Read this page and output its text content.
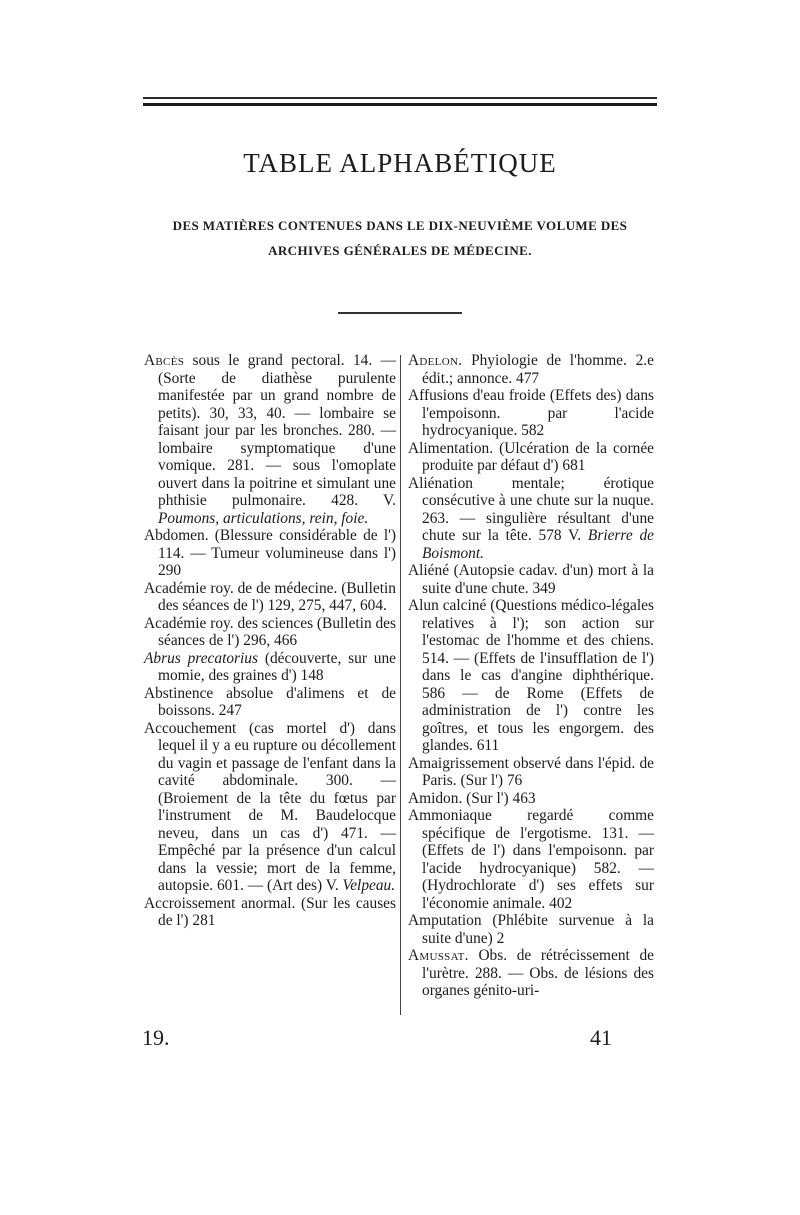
TABLE ALPHABÉTIQUE
DES MATIÈRES CONTENUES DANS LE DIX-NEUVIÈME VOLUME DES
ARCHIVES GÉNÉRALES DE MÉDECINE.

Abcès sous le grand pectoral. 14. — (Sorte de diathèse purulente manifestée par un grand nombre de petits). 30, 33, 40. — lombaire se faisant jour par les bronches. 280. — lombaire symptomatique d'une vomique. 281. — sous l'omoplate ouvert dans la poitrine et simulant une phthisie pulmonaire. 428. V. Poumons, articulations, rein, foie.

Abdomen. (Blessure considérable de l') 114. — Tumeur volumineuse dans l') 290

Académie roy. de de médecine. (Bulletin des séances de l') 129, 275, 447, 604.

Académie roy. des sciences (Bulletin des séances de l') 296, 466

Abrus precatorius (découverte, sur une momie, des graines d') 148

Abstinence absolue d'alimens et de boissons. 247

Accouchement (cas mortel d') dans lequel il y a eu rupture ou décollement du vagin et passage de l'enfant dans la cavité abdominale. 300. — (Broiement de la tête du fœtus par l'instrument de M. Baudelocque neveu, dans un cas d') 471. — Empêché par la présence d'un calcul dans la vessie; mort de la femme, autopsie. 601. — (Art des) V. Velpeau.

Accroissement anormal. (Sur les causes de l') 281

Adelon. Phyiologie de l'homme. 2.e édit.; annonce. 477

Affusions d'eau froide (Effets des) dans l'empoisonn. par l'acide hydrocyanique. 582

Alimentation. (Ulcération de la cornée produite par défaut d') 681

Aliénation mentale; érotique consécutive à une chute sur la nuque. 263. — singulière résultant d'une chute sur la tête. 578 V. Brierre de Boismont.

Aliéné (Autopsie cadav. d'un) mort à la suite d'une chute. 349

Alun calciné (Questions médico-légales relatives à l'); son action sur l'estomac de l'homme et des chiens. 514. — (Effets de l'insufflation de l') dans le cas d'angine diphthérique. 586 — de Rome (Effets de administration de l') contre les goîtres, et tous les engorgem. des glandes. 611

Amaigrissement observé dans l'épid. de Paris. (Sur l') 76

Amidon. (Sur l') 463

Ammoniaque regardé comme spécifique de l'ergotisme. 131. — (Effets de l') dans l'empoisonn. par l'acide hydrocyanique) 582. — (Hydrochlorate d') ses effets sur l'économie animale. 402

Amputation (Phlébite survenue à la suite d'une) 2

Amussat. Obs. de rétrécissement de l'urètre. 288. — Obs. de lésions des organes génito-uri-

19.	41
